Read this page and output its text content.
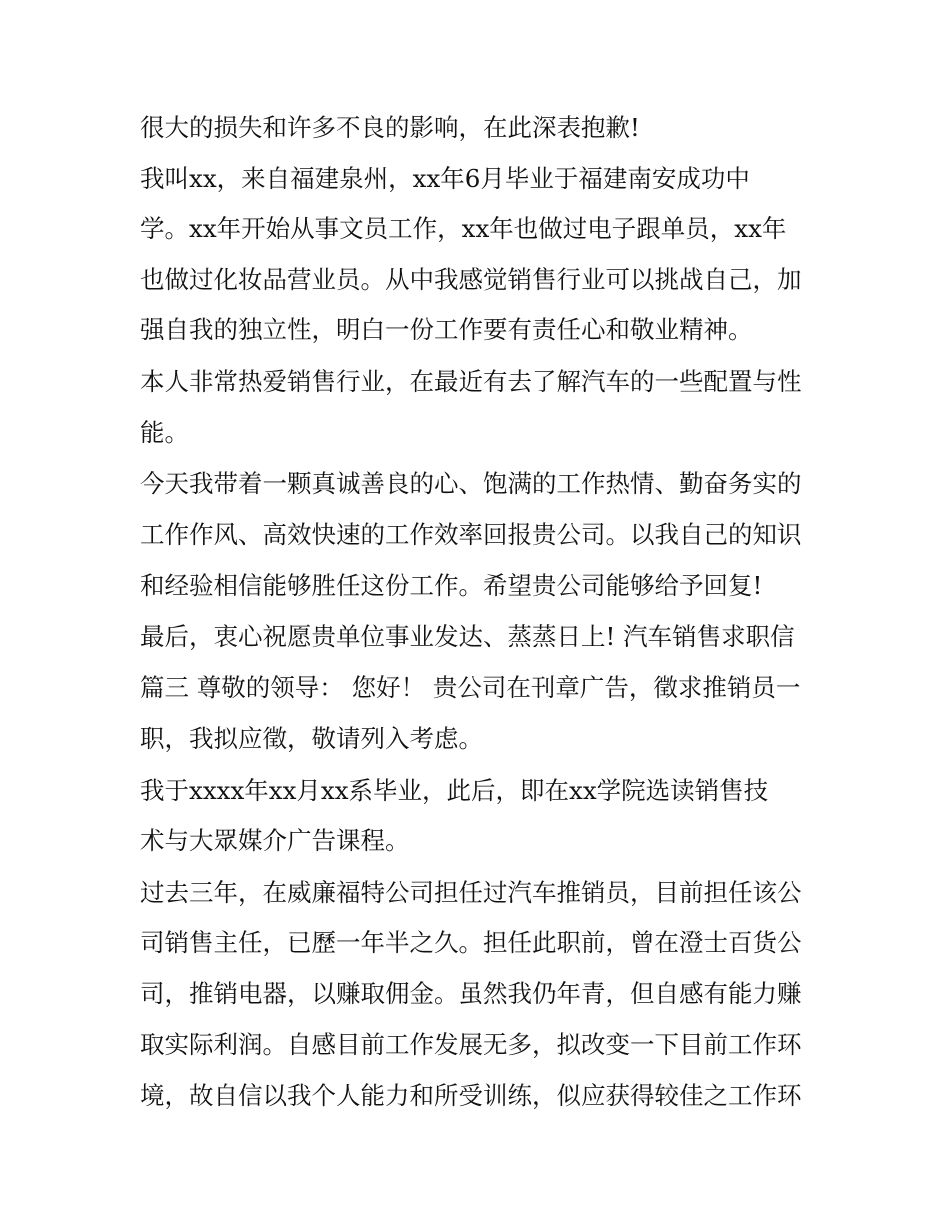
很大的损失和许多不良的影响，在此深表抱歉!
我叫xx，来自福建泉州，xx年6月毕业于福建南安成功中
学。xx年开始从事文员工作，xx年也做过电子跟单员，xx年
也做过化妆品营业员。从中我感觉销售行业可以挑战自己，加
强自我的独立性，明白一份工作要有责任心和敬业精神。
本人非常热爱销售行业，在最近有去了解汽车的一些配置与性
能。
今天我带着一颗真诚善良的心、饱满的工作热情、勤奋务实的
工作作风、高效快速的工作效率回报贵公司。以我自己的知识
和经验相信能够胜任这份工作。希望贵公司能够给予回复!
最后，衷心祝愿贵单位事业发达、蒸蒸日上! 汽车销售求职信
篇三 尊敬的领导： 您好！ 贵公司在刊章广告，徵求推销员一
职，我拟应徵，敬请列入考虑。
我于xxxx年xx月xx系毕业，此后，即在xx学院选读销售技
术与大眾媒介广告课程。
过去三年，在威廉福特公司担任过汽车推销员，目前担任该公
司销售主任，已歷一年半之久。担任此职前，曾在澄士百货公
司，推销电器，以赚取佣金。虽然我仍年青，但自感有能力赚
取实际利润。自感目前工作发展无多，拟改变一下目前工作环
境，故自信以我个人能力和所受训练，似应获得较佳之工作环
